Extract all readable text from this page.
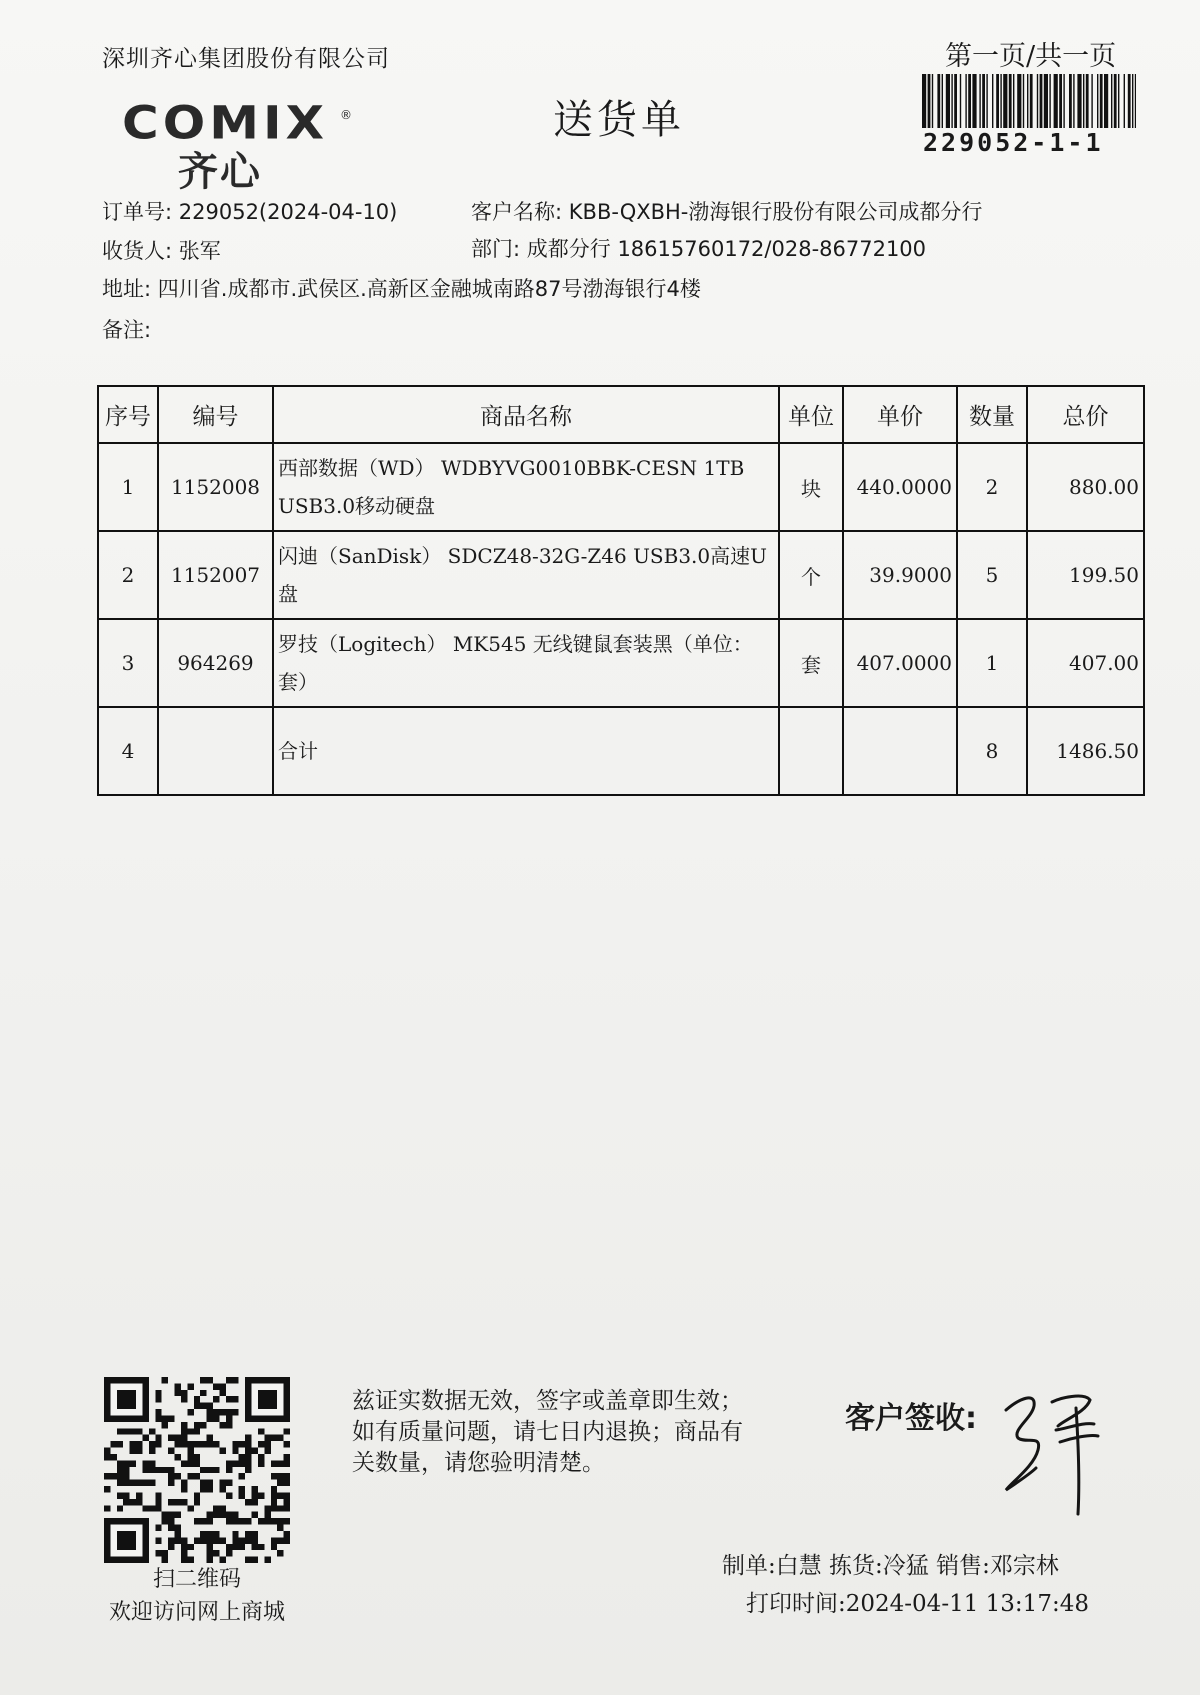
深圳齐心集团股份有限公司
COMIX ®
齐心
送货单
第一页/共一页
229052-1-1
订单号: 229052(2024-04-10)	客户名称: KBB-QXBH-渤海银行股份有限公司成都分行
收货人: 张军	部门: 成都分行 18615760172/028-86772100
地址: 四川省.成都市.武侯区.高新区金融城南路87号渤海银行4楼
备注:
序号	编号	商品名称	单位	单价	数量	总价
1	1152008	西部数据（WD） WDBYVG0010BBK-CESN 1TB USB3.0移动硬盘	块	440.0000	2	880.00
2	1152007	闪迪（SanDisk） SDCZ48-32G-Z46 USB3.0高速U盘	个	39.9000	5	199.50
3	964269	罗技（Logitech） MK545 无线键鼠套装黑（单位：套）	套	407.0000	1	407.00
4		合计			8	1486.50
扫二维码
欢迎访问网上商城
兹证实数据无效，签字或盖章即生效；如有质量问题，请七日内退换；商品有关数量，请您验明清楚。
客户签收:
制单:白慧 拣货:冷猛 销售:邓宗林
打印时间:2024-04-11 13:17:48
